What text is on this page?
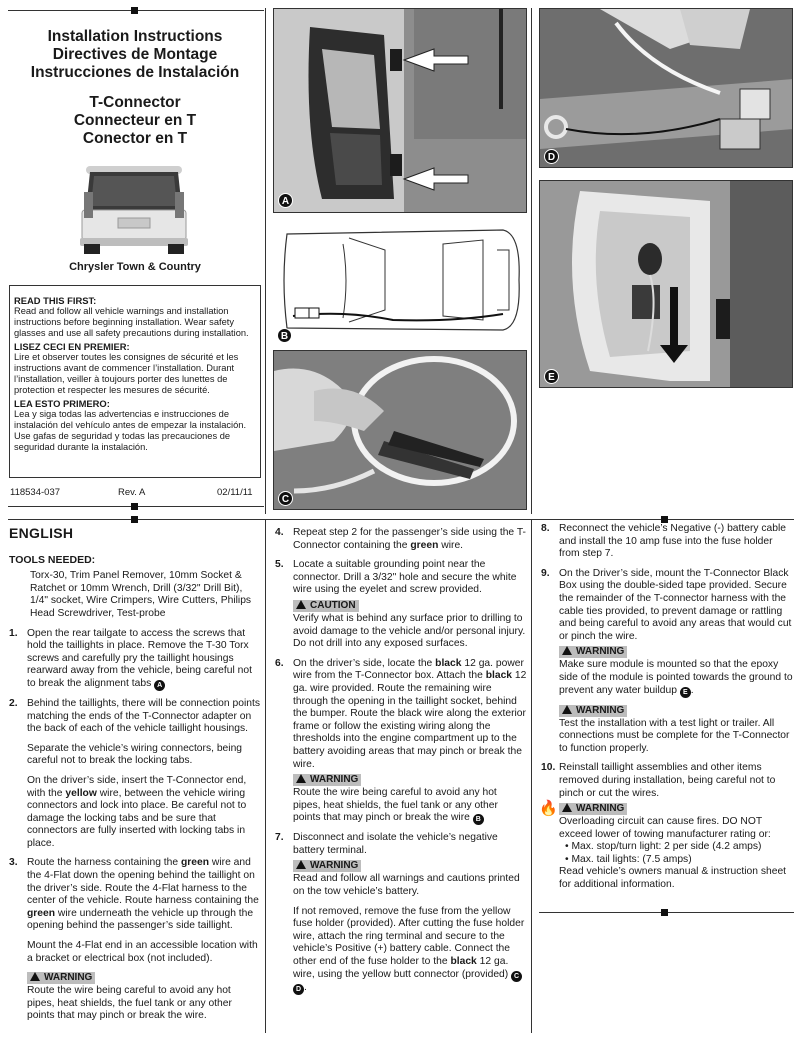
Installation Instructions
Directives de Montage
Instrucciones de Instalación
T-Connector
Connecteur en T
Conector en T
Chrysler Town & Country
READ THIS FIRST:

Read and follow all vehicle warnings and installation instructions before beginning installation. Wear safety glasses and use all safety precautions during installation.

LISEZ CECI EN PREMIER:

Lire et observer toutes les consignes de sécurité et les instructions avant de commencer l’installation. Durant l’installation, veiller à toujours porter des lunettes de protection et respecter les mesures de sécurité.

LEA ESTO PRIMERO:

Lea y siga todas las advertencias e instrucciones de instalación del vehículo antes de empezar la instalación. Use gafas de seguridad y todas las precauciones de seguridad durante la instalación.

118534-037	Rev. A	02/11/11
A
B
C
D
E
ENGLISH
TOOLS NEEDED:
Torx-30, Trim Panel Remover, 10mm Socket & Ratchet or 10mm Wrench, Drill (3/32" Drill Bit), 1/4" socket, Wire Crimpers, Wire Cutters, Philips Head Screwdriver, Test-probe
1. Open the rear tailgate to access the screws that hold the taillights in place. Remove the T-30 Torx screws and carefully pry the taillight housings rearward away from the vehicle, being careful not to break the alignment tabs A
2. Behind the taillights, there will be connection points matching the ends of the T-Connector adapter on the back of each of the vehicle taillight housings.
Separate the vehicle’s wiring connectors, being careful not to break the locking tabs.
On the driver’s side, insert the T-Connector end, with the yellow wire, between the vehicle wiring connectors and lock into place. Be careful not to damage the locking tabs and be sure that connectors are fully inserted with locking tabs in place.
3. Route the harness containing the green wire and the 4-Flat down the opening behind the taillight on the driver’s side. Route the 4-Flat harness to the center of the vehicle. Route harness containing the green wire underneath the vehicle up through the opening behind the passenger’s side taillight.
Mount the 4-Flat end in an accessible location with a bracket or electrical box (not included).
WARNING
Route the wire being careful to avoid any hot pipes, heat shields, the fuel tank or any other points that may pinch or break the wire.
4. Repeat step 2 for the passenger’s side using the T-Connector containing the green wire.
5. Locate a suitable grounding point near the connector. Drill a 3/32" hole and secure the white wire using the eyelet and screw provided.
CAUTION
Verify what is behind any surface prior to drilling to avoid damage to the vehicle and/or personal injury. Do not drill into any exposed surfaces.
6. On the driver’s side, locate the black 12 ga. power wire from the T-Connector box. Attach the black 12 ga. wire provided. Route the remaining wire through the opening in the taillight socket, behind the bumper. Route the black wire along the exterior frame or follow the existing wiring along the thresholds into the engine compartment up to the battery avoiding areas that may pinch or break the wire.
WARNING
Route the wire being careful to avoid any hot pipes, heat shields, the fuel tank or any other points that may pinch or break the wire B
7. Disconnect and isolate the vehicle’s negative battery terminal.
WARNING
Read and follow all warnings and cautions printed on the tow vehicle’s battery.
If not removed, remove the fuse from the yellow fuse holder (provided). After cutting the fuse holder wire, attach the ring terminal and secure to the vehicle’s Positive (+) battery cable. Connect the other end of the fuse holder to the black 12 ga. wire, using the yellow butt connector (provided) CD .
8. Reconnect the vehicle’s Negative (-) battery cable and install the 10 amp fuse into the fuse holder from step 7.
9. On the Driver’s side, mount the T-Connector Black Box using the double-sided tape provided. Secure the remainder of the T-connector harness with the cable ties provided, to prevent damage or rattling and being careful to avoid any areas that would cut or pinch the wire.
WARNING
Make sure module is mounted so that the epoxy side of the module is pointed towards the ground to prevent any water buildup E .
WARNING
Test the installation with a test light or trailer. All connections must be complete for the T-Connector to function properly.
10. Reinstall taillight assemblies and other items removed during installation, being careful not to pinch or cut the wires.
🔥 WARNING
Overloading circuit can cause fires. DO NOT exceed lower of towing manufacturer rating or:
• Max. stop/turn light: 2 per side (4.2 amps)
• Max. tail lights: (7.5 amps)
Read vehicle’s owners manual & instruction sheet for additional information.
